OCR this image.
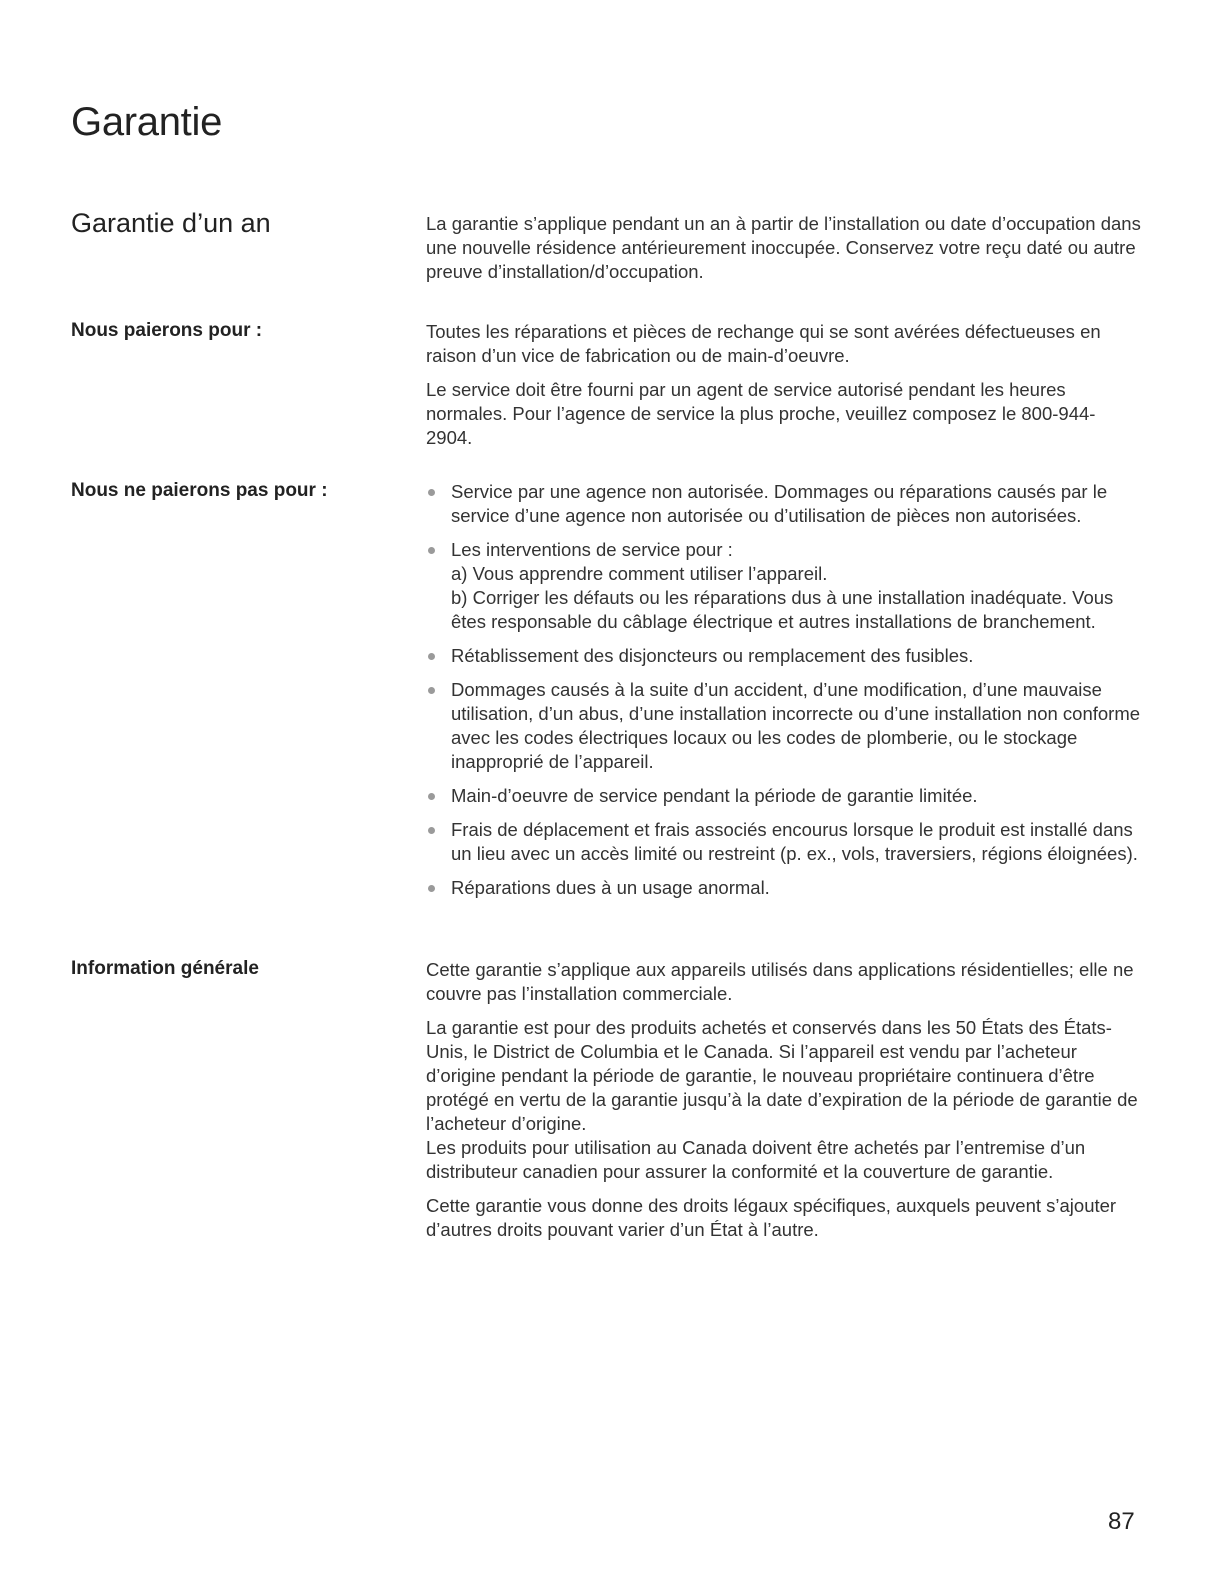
Garantie
Garantie d’un an	La garantie s’applique pendant un an à partir de l’installation ou date d’occupation dans une nouvelle résidence antérieurement inoccupée. Conservez votre reçu daté ou autre preuve d’installation/d’occupation.

Nous paierons pour :	Toutes les réparations et pièces de rechange qui se sont avérées défectueuses en raison d’un vice de fabrication ou de main-d’oeuvre.

Le service doit être fourni par un agent de service autorisé pendant les heures normales. Pour l’agence de service la plus proche, veuillez composez le 800-944-2904.

Nous ne paierons pas pour :	Service par une agence non autorisée. Dommages ou réparations causés par le service d’une agence non autorisée ou d’utilisation de pièces non autorisées.
Les interventions de service pour :
a) Vous apprendre comment utiliser l’appareil.
b) Corriger les défauts ou les réparations dus à une installation inadéquate. Vous êtes responsable du câblage électrique et autres installations de branchement.
Rétablissement des disjoncteurs ou remplacement des fusibles.
Dommages causés à la suite d’un accident, d’une modification, d’une mauvaise utilisation, d’un abus, d’une installation incorrecte ou d’une installation non conforme avec les codes électriques locaux ou les codes de plomberie, ou le stockage inapproprié de l’appareil.
Main-d’oeuvre de service pendant la période de garantie limitée.
Frais de déplacement et frais associés encourus lorsque le produit est installé dans un lieu avec un accès limité ou restreint (p. ex., vols, traversiers, régions éloignées).
Réparations dues à un usage anormal.
Information générale	Cette garantie s’applique aux appareils utilisés dans applications résidentielles; elle ne couvre pas l’installation commerciale.

La garantie est pour des produits achetés et conservés dans les 50 États des États-Unis, le District de Columbia et le Canada. Si l’appareil est vendu par l’acheteur d’origine pendant la période de garantie, le nouveau propriétaire continuera d’être protégé en vertu de la garantie jusqu’à la date d’expiration de la période de garantie de l’acheteur d’origine.
Les produits pour utilisation au Canada doivent être achetés par l’entremise d’un distributeur canadien pour assurer la conformité et la couverture de garantie.

Cette garantie vous donne des droits légaux spécifiques, auxquels peuvent s’ajouter d’autres droits pouvant varier d’un État à l’autre.

87
